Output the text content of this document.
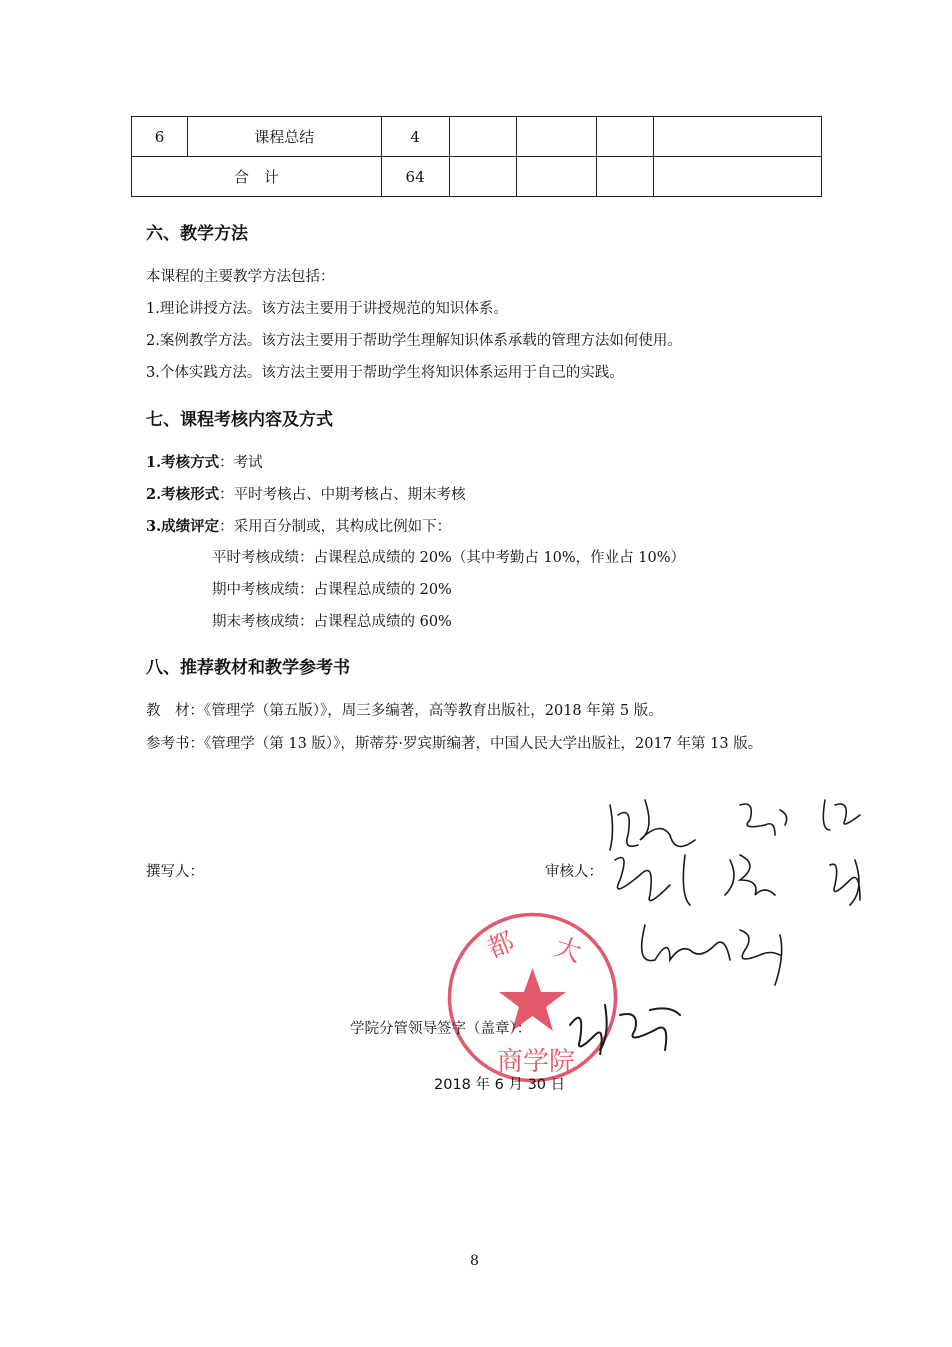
6	课程总结	4				
合　计		64				
六、教学方法
本课程的主要教学方法包括：
1.理论讲授方法。该方法主要用于讲授规范的知识体系。
2.案例教学方法。该方法主要用于帮助学生理解知识体系承载的管理方法如何使用。
3.个体实践方法。该方法主要用于帮助学生将知识体系运用于自己的实践。
七、课程考核内容及方式
1.考核方式：考试
2.考核形式：平时考核占、中期考核占、期末考核
3.成绩评定：采用百分制或，其构成比例如下：
平时考核成绩：占课程总成绩的 20%（其中考勤占 10%，作业占 10%）
期中考核成绩：占课程总成绩的 20%
期末考核成绩：占课程总成绩的 60%
八、推荐教材和教学参考书
教　材：《管理学（第五版）》，周三多编著，高等教育出版社，2018 年第 5 版。
参考书：《管理学（第 13 版）》，斯蒂芬·罗宾斯编著，中国人民大学出版社，2017 年第 13 版。
撰写人：	审核人：
都 大
商学院
学院分管领导签字（盖章）：
2018 年 6 月 30 日
8
